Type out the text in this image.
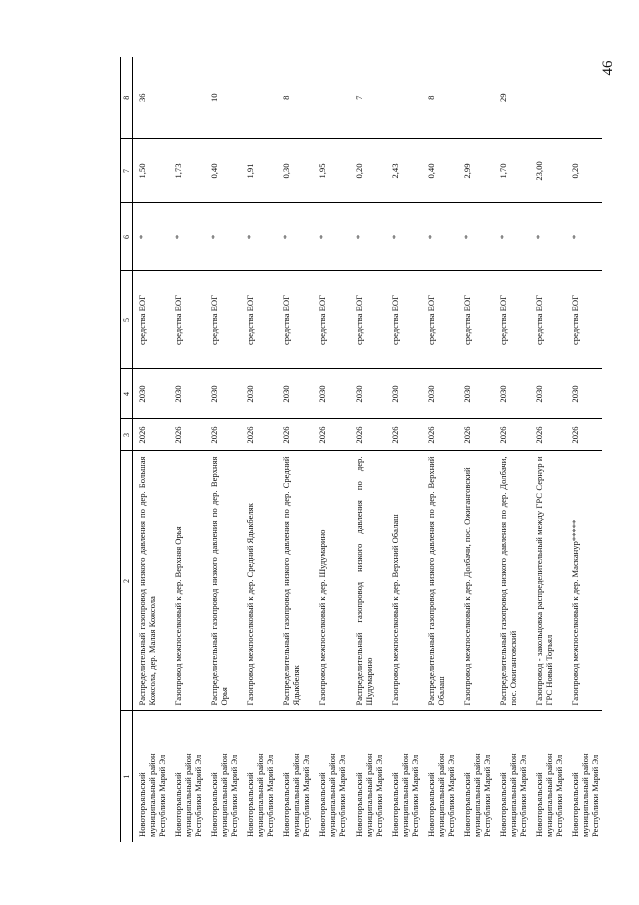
46
1	2	3	4	5	6	7	8
Новоторъяльский муниципальный район Республики Марий Эл	Распределительный газопровод низкого давления по дер. Большая Кожсола, дер. Малая Кожсола	2026	2030	средства ЕОГ	*	1,50	36
Новоторъяльский муниципальный район Республики Марий Эл	Газопровод межпоселковый к дер. Верхняя Орья	2026	2030	средства ЕОГ	*	1,73	
Новоторъяльский муниципальный район Республики Марий Эл	Распределительный газопровод низкого давления по дер. Верхняя Орья	2026	2030	средства ЕОГ	*	0,40	10
Новоторъяльский муниципальный район Республики Марий Эл	Газопровод межпоселковый к дер. Средний Ядыкбеляк	2026	2030	средства ЕОГ	*	1,91	
Новоторъяльский муниципальный район Республики Марий Эл	Распределительный газопровод низкого давления по дер. Средний Ядыкбеляк	2026	2030	средства ЕОГ	*	0,30	8
Новоторъяльский муниципальный район Республики Марий Эл	Газопровод межпоселковый к дер. Шудумарино	2026	2030	средства ЕОГ	*	1,95	
Новоторъяльский муниципальный район Республики Марий Эл	Распределительный газопровод низкого давления по дер. Шудумарино	2026	2030	средства ЕОГ	*	0,20	7
Новоторъяльский муниципальный район Республики Марий Эл	Газопровод межпоселковый к дер. Верхний Обалаш	2026	2030	средства ЕОГ	*	2,43	
Новоторъяльский муниципальный район Республики Марий Эл	Распределительный газопровод низкого давления по дер. Верхний Обалаш	2026	2030	средства ЕОГ	*	0,40	8
Новоторъяльский муниципальный район Республики Марий Эл	Газопровод межпоселковый к дер. Долбачи, пос. Ожиганговский	2026	2030	средства ЕОГ	*	2,99	
Новоторъяльский муниципальный район Республики Марий Эл	Распределительный газопровод низкого давления по дер. Долбачи, пос. Ожиганговский	2026	2030	средства ЕОГ	*	1,70	29
Новоторъяльский муниципальный район Республики Марий Эл	Газопровод - закольцовка распределительный между ГРС Сернур и ГРС Новый Торъял	2026	2030	средства ЕОГ	*	23,00	
Новоторъяльский муниципальный район Республики Марий Эл	Газопровод межпоселковый к дер. Масканур*****	2026	2030	средства ЕОГ	*	0,20	
